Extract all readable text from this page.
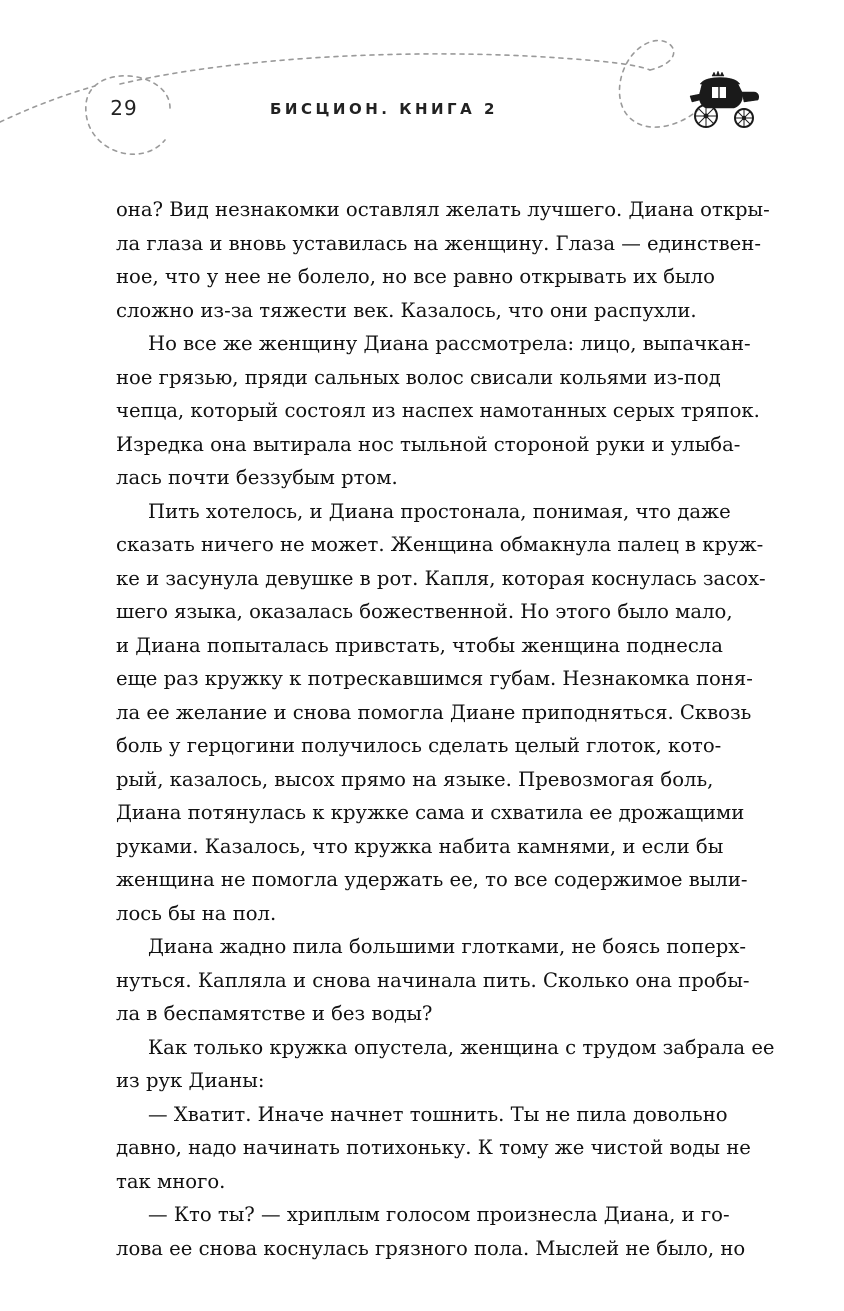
29	БИСЦИОН. КНИГА 2
она? Вид незнакомки оставлял желать лучшего. Диана откры-
ла глаза и вновь уставилась на женщину. Глаза — единствен-
ное, что у нее не болело, но все равно открывать их было
сложно из-за тяжести век. Казалось, что они распухли.
Но все же женщину Диана рассмотрела: лицо, выпачкан-
ное грязью, пряди сальных волос свисали кольями из-под
чепца, который состоял из наспех намотанных серых тряпок.
Изредка она вытирала нос тыльной стороной руки и улыба-
лась почти беззубым ртом.
Пить хотелось, и Диана простонала, понимая, что даже
сказать ничего не может. Женщина обмакнула палец в круж-
ке и засунула девушке в рот. Капля, которая коснулась засох-
шего языка, оказалась божественной. Но этого было мало,
и Диана попыталась привстать, чтобы женщина поднесла
еще раз кружку к потрескавшимся губам. Незнакомка поня-
ла ее желание и снова помогла Диане приподняться. Сквозь
боль у герцогини получилось сделать целый глоток, кото-
рый, казалось, высох прямо на языке. Превозмогая боль,
Диана потянулась к кружке сама и схватила ее дрожащими
руками. Казалось, что кружка набита камнями, и если бы
женщина не помогла удержать ее, то все содержимое выли-
лось бы на пол.
Диана жадно пила большими глотками, не боясь поперх-
нуться. Капляла и снова начинала пить. Сколько она пробы-
ла в беспамятстве и без воды?
Как только кружка опустела, женщина с трудом забрала ее
из рук Дианы:
— Хватит. Иначе начнет тошнить. Ты не пила довольно
давно, надо начинать потихоньку. К тому же чистой воды не
так много.
— Кто ты? — хриплым голосом произнесла Диана, и го-
лова ее снова коснулась грязного пола. Мыслей не было, но
